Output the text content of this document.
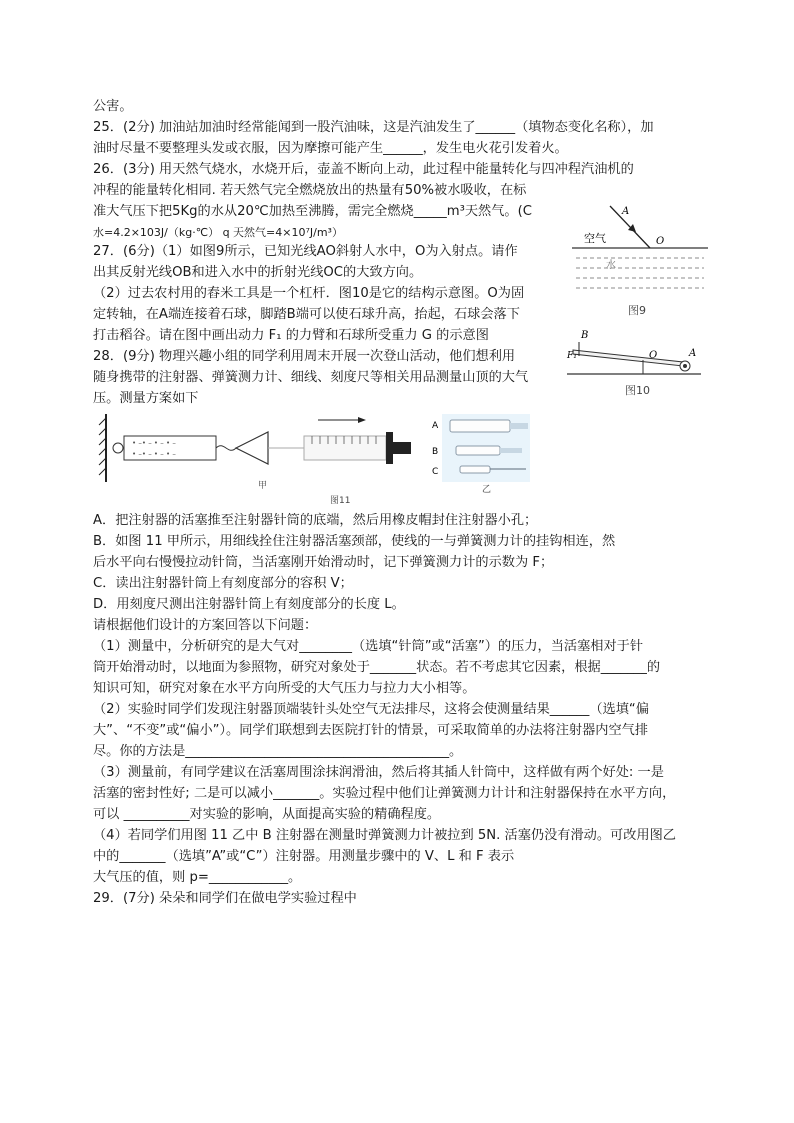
公害。
25．(2分) 加油站加油时经常能闻到一股汽油味，这是汽油发生了______（填物态变化名称），加
油时尽量不要整理头发或衣服，因为摩擦可能产生______，发生电火花引发着火。
26．(3分) 用天然气烧水，水烧开后，壶盖不断向上动，此过程中能量转化与四冲程汽油机的
冲程的能量转化相同. 若天然气完全燃烧放出的热量有50%被水吸收，在标
准大气压下把5Kg的水从20℃加热至沸腾，需完全燃烧_____m³天然气。(C
水=4.2×103J/（kg·℃） q 天然气=4×10⁷J/m³）
27．(6分)（1）如图9所示，已知光线AO斜射人水中，O为入射点。请作
出其反射光线OB和进入水中的折射光线OC的大致方向。
（2）过去农村用的舂米工具是一个杠杆．图10是它的结构示意图。O为固
定转轴，在A端连接着石球，脚踏B端可以使石球升高，抬起，石球会落下
打击稻谷。请在图中画出动力 F₁ 的力臂和石球所受重力 G 的示意图
28．(9分) 物理兴趣小组的同学利用周末开展一次登山活动，他们想利用
随身携带的注射器、弹簧测力计、细线、刻度尺等相关用品测量山顶的大气
压。测量方案如下
A
O
空气
水
图9
B
F₁	O	A
图10
• –• – • – • –
• –• – • – • –
甲
图11
A
B
C
乙
A．把注射器的活塞推至注射器针筒的底端，然后用橡皮帽封住注射器小孔；
B．如图 11 甲所示，用细线拴住注射器活塞颈部，使线的一与弹簧测力计的挂钩相连，然
后水平向右慢慢拉动针筒，当活塞刚开始滑动时，记下弹簧测力计的示数为 F；
C．读出注射器针筒上有刻度部分的容积 V；
D．用刻度尺测出注射器针筒上有刻度部分的长度 L。
请根据他们设计的方案回答以下问题：
（1）测量中，分析研究的是大气对________（选填“针筒”或“活塞”）的压力，当活塞相对于针
筒开始滑动时，以地面为参照物，研究对象处于_______状态。若不考虑其它因素，根据_______的
知识可知，研究对象在水平方向所受的大气压力与拉力大小相等。
（2）实验时同学们发现注射器顶端装针头处空气无法排尽，这将会使测量结果______（选填“偏
大”、“不变”或“偏小”）。同学们联想到去医院打针的情景，可采取简单的办法将注射器内空气排
尽。你的方法是________________________________________。
（3）测量前，有同学建议在活塞周围涂抹润滑油，然后将其插人针筒中，这样做有两个好处: 一是
活塞的密封性好; 二是可以减小_______。实验过程中他们让弹簧测力计计和注射器保持在水平方向，
可以 __________对实验的影响，从面提高实验的精确程度。
（4）若同学们用图 11 乙中 B 注射器在测量时弹簧测力计被拉到 5N. 活塞仍没有滑动。可改用图乙
中的_______（选填”A”或“C”）注射器。用测量步骤中的 V、L 和 F 表示
大气压的值，则 p=____________。
29．(7分) 朵朵和同学们在做电学实验过程中
